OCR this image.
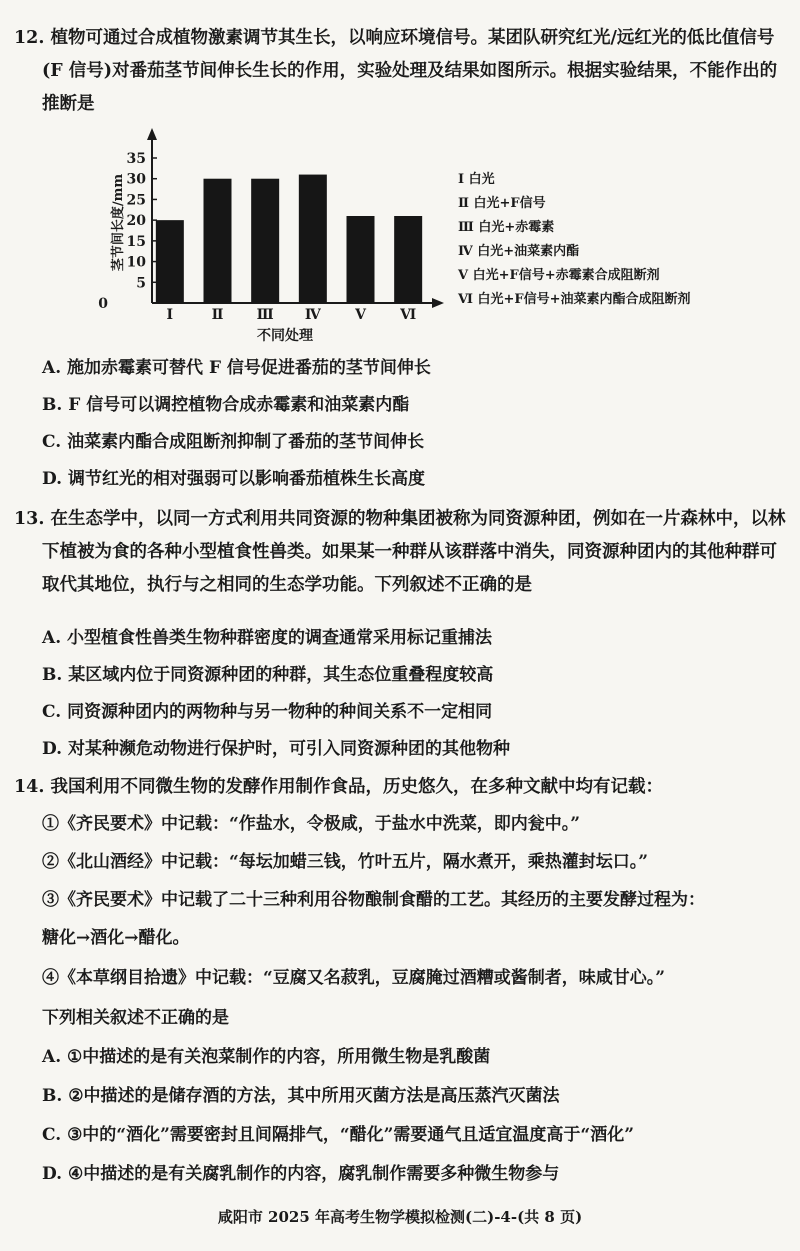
12. 植物可通过合成植物激素调节其生长，以响应环境信号。某团队研究红光/远红光的低比值信号(F 信号)对番茄茎节间伸长生长的作用，实验处理及结果如图所示。根据实验结果，不能作出的推断是
0
5
10
15
20
25
30
35
茎节间长度/mm
Ⅰ	Ⅱ Ⅲ Ⅳ Ⅴ Ⅵ
不同处理
Ⅰ 白光
Ⅱ 白光+F信号
Ⅲ 白光+赤霉素
Ⅳ 白光+油菜素内酯
Ⅴ 白光+F信号+赤霉素合成阻断剂
Ⅵ 白光+F信号+油菜素内酯合成阻断剂
A. 施加赤霉素可替代 F 信号促进番茄的茎节间伸长
B. F 信号可以调控植物合成赤霉素和油菜素内酯
C. 油菜素内酯合成阻断剂抑制了番茄的茎节间伸长
D. 调节红光的相对强弱可以影响番茄植株生长高度
13. 在生态学中，以同一方式利用共同资源的物种集团被称为同资源种团，例如在一片森林中，以林下植被为食的各种小型植食性兽类。如果某一种群从该群落中消失，同资源种团内的其他种群可取代其地位，执行与之相同的生态学功能。下列叙述不正确的是
A. 小型植食性兽类生物种群密度的调查通常采用标记重捕法
B. 某区域内位于同资源种团的种群，其生态位重叠程度较高
C. 同资源种团内的两物种与另一物种的种间关系不一定相同
D. 对某种濒危动物进行保护时，可引入同资源种团的其他物种
14. 我国利用不同微生物的发酵作用制作食品，历史悠久，在多种文献中均有记载：
①《齐民要术》中记载：“作盐水，令极咸，于盐水中洗菜，即内瓮中。”
②《北山酒经》中记载：“每坛加蜡三钱，竹叶五片，隔水煮开，乘热灌封坛口。”
③《齐民要术》中记载了二十三种利用谷物酿制食醋的工艺。其经历的主要发酵过程为：
糖化→酒化→醋化。
④《本草纲目拾遗》中记载：“豆腐又名菽乳，豆腐腌过酒糟或酱制者，味咸甘心。”
下列相关叙述不正确的是
A. ①中描述的是有关泡菜制作的内容，所用微生物是乳酸菌
B. ②中描述的是储存酒的方法，其中所用灭菌方法是高压蒸汽灭菌法
C. ③中的“酒化”需要密封且间隔排气，“醋化”需要通气且适宜温度高于“酒化”
D. ④中描述的是有关腐乳制作的内容，腐乳制作需要多种微生物参与
咸阳市 2025 年高考生物学模拟检测(二)-4-(共 8 页)
